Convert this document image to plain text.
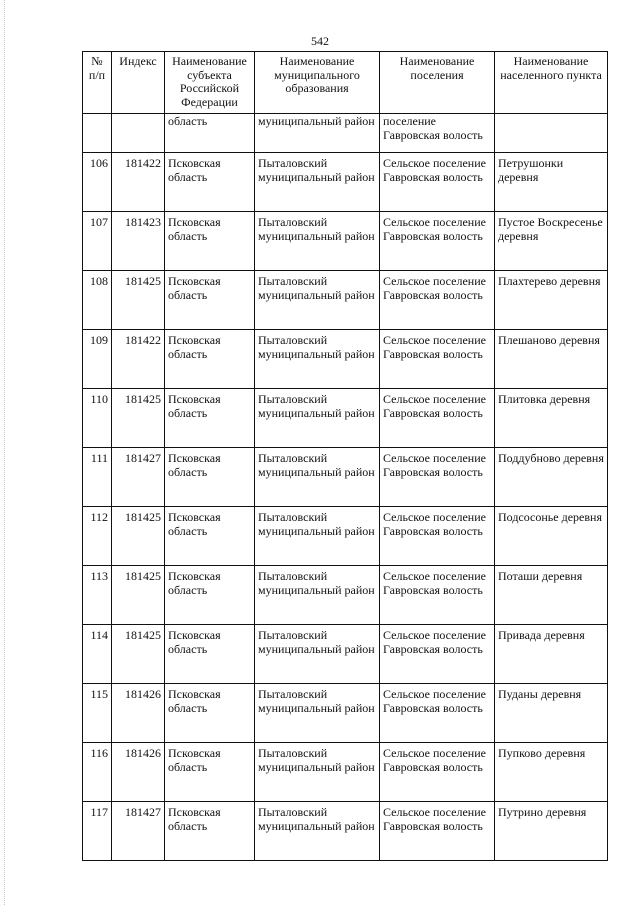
542
№ п/п	Индекс	Наименование субъекта Российской Федерации	Наименование муниципального образования	Наименование поселения	Наименование населенного пункта
		область	муниципальный район	поселение Гавровская волость	
106	181422	Псковская область	Пыталовский муниципальный район	Сельское поселение Гавровская волость	Петрушонки деревня
107	181423	Псковская область	Пыталовский муниципальный район	Сельское поселение Гавровская волость	Пустое Воскресенье деревня
108	181425	Псковская область	Пыталовский муниципальный район	Сельское поселение Гавровская волость	Плахтерево деревня
109	181422	Псковская область	Пыталовский муниципальный район	Сельское поселение Гавровская волость	Плешаново деревня
110	181425	Псковская область	Пыталовский муниципальный район	Сельское поселение Гавровская волость	Плитовка деревня
111	181427	Псковская область	Пыталовский муниципальный район	Сельское поселение Гавровская волость	Поддубново деревня
112	181425	Псковская область	Пыталовский муниципальный район	Сельское поселение Гавровская волость	Подсосонье деревня
113	181425	Псковская область	Пыталовский муниципальный район	Сельское поселение Гавровская волость	Поташи деревня
114	181425	Псковская область	Пыталовский муниципальный район	Сельское поселение Гавровская волость	Привада деревня
115	181426	Псковская область	Пыталовский муниципальный район	Сельское поселение Гавровская волость	Пуданы деревня
116	181426	Псковская область	Пыталовский муниципальный район	Сельское поселение Гавровская волость	Пупково деревня
117	181427	Псковская область	Пыталовский муниципальный район	Сельское поселение Гавровская волость	Путрино деревня
